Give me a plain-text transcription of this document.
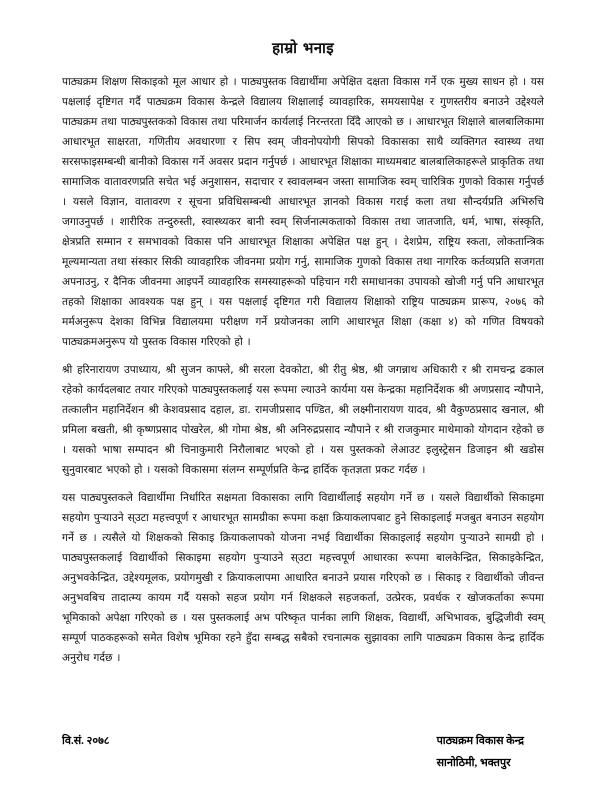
हाम्रो भनाइ

पाठ्यक्रम शिक्षण सिकाइको मूल आधार हो । पाठ्यपुस्तक विद्यार्थीमा अपेक्षित दक्षता विकास गर्ने एक मुख्य साधन हो । यस पक्षलाई दृष्टिगत गर्दै पाठ्यक्रम विकास केन्द्रले विद्यालय शिक्षालाई व्यावहारिक, समयसापेक्ष र गुणस्तरीय बनाउने उद्देश्यले पाठ्यक्रम तथा पाठ्यपुस्तकको विकास तथा परिमार्जन कार्यलाई निरन्तरता दिँदै आएको छ । आधारभूत शिक्षाले बालबालिकामा आधारभूत साक्षरता, गणितीय अवधारणा र सिप स्वम् जीवनोपयोगी सिपको विकासका साथै व्यक्तिगत स्वास्थ्य तथा सरसफाइसम्बन्धी बानीको विकास गर्ने अवसर प्रदान गर्नुपर्छ । आधारभूत शिक्षाका माध्यमबाट बालबालिकाहरूले प्राकृतिक तथा सामाजिक वातावरणप्रति सचेत भई अनुशासन, सदाचार र स्वावलम्बन जस्ता सामाजिक स्वम् चारित्रिक गुणको विकास गर्नुपर्छ । यसले विज्ञान, वातावरण र सूचना प्रविधिसम्बन्धी आधारभूत ज्ञानको विकास गराई कला तथा सौन्दर्यप्रति अभिरुचि जगाउनुपर्छ । शारीरिक तन्दुरुस्ती, स्वास्थ्यकर बानी स्वम् सिर्जनात्मकताको विकास तथा जातजाति, धर्म, भाषा, संस्कृति, क्षेत्रप्रति सम्मान र समभावको विकास पनि आधारभूत शिक्षाका अपेक्षित पक्ष हुन् । देशप्रेम, राष्ट्रिय स्कता, लोकतान्त्रिक मूल्यमान्यता तथा संस्कार सिकी व्यावहारिक जीवनमा प्रयोग गर्नु, सामाजिक गुणको विकास तथा नागरिक कर्तव्यप्रति सजगता अपनाउनु, र दैनिक जीवनमा आइपर्ने व्यावहारिक समस्याहरूको पहिचान गरी समाधानका उपायको खोजी गर्नु पनि आधारभूत तहको शिक्षाका आवश्यक पक्ष हुन् । यस पक्षलाई दृष्टिगत गरी विद्यालय शिक्षाको राष्ट्रिय पाठ्यक्रम प्रारूप, २०७६ को मर्मअनुरूप देशका विभिन्न विद्यालयमा परीक्षण गर्ने प्रयोजनका लागि आधारभूत शिक्षा (कक्षा ४) को गणित विषयको पाठ्यक्रमअनुरूप यो पुस्तक विकास गरिएको हो ।

श्री हरिनारायण उपाध्याय, श्री सुजन काफ्ले, श्री सरला देवकोटा, श्री रीतु श्रेष्ठ, श्री जगन्नाथ अधिकारी र श्री रामचन्द्र ढकाल रहेको कार्यदलबाट तयार गरिएको पाठ्यपुस्तकलाई यस रूपमा ल्याउने कार्यमा यस केन्द्रका महानिर्देशक श्री अणप्रसाद न्यौपाने, तत्कालीन महानिर्देशन श्री केशवप्रसाद दहाल, डा. रामजीप्रसाद पण्डित, श्री लक्ष्मीनारायण यादव, श्री वैकुण्ठप्रसाद खनाल, श्री प्रमिला बखती, श्री कृष्णप्रसाद पोखरेल, श्री गोमा श्रेष्ठ, श्री अनिरुद्रप्रसाद न्यौपाने र श्री राजकुमार माथेमाको योगदान रहेको छ । यसको भाषा सम्पादन श्री चिनाकुमारी निरौलाबाट भएको हो । यस पुस्तकको लेआउट इलुस्ट्रेसन डिजाइन श्री खडोस सुनुवारबाट भएको हो । यसको विकासमा संलग्न सम्पूर्णप्रति केन्द्र हार्दिक कृतज्ञता प्रकट गर्दछ ।

यस पाठ्यपुस्तकले विद्यार्थीमा निर्धारित सक्षमता विकासका लागि विद्यार्थीलाई सहयोग गर्ने छ । यसले विद्यार्थीको सिकाइमा सहयोग पुऱ्याउने स्उटा महत्त्वपूर्ण र आधारभूत सामग्रीका रूपमा कक्षा क्रियाकलापबाट हुने सिकाइलाई मजबुत बनाउन सहयोग गर्ने छ । त्यसैले यो शिक्षकको सिकाइ क्रियाकलापको योजना नभई विद्यार्थीका सिकाइलाई सहयोग पुऱ्याउने सामग्री हो । पाठ्यपुस्तकलाई विद्यार्थीको सिकाइमा सहयोग पुऱ्याउने स्उटा महत्त्वपूर्ण आधारका रूपमा बालकेन्द्रित, सिकाइकेन्द्रित, अनुभवकेन्द्रित, उद्देश्यमूलक, प्रयोगमुखी र क्रियाकलापमा आधारित बनाउने प्रयास गरिएको छ । सिकाइ र विद्यार्थीको जीवन्त अनुभवबिच तादात्म्य कायम गर्दै यसको सहज प्रयोग गर्न शिक्षकले सहजकर्ता, उत्प्रेरक, प्रवर्धक र खोजकर्ताका रूपमा भूमिकाको अपेक्षा गरिएको छ । यस पुस्तकलाई अभ परिष्कृत पार्नका लागि शिक्षक, विद्यार्थी, अभिभावक, बुद्धिजीवी स्वम् सम्पूर्ण पाठकहरूको समेत विशेष भूमिका रहने हुँदा सम्बद्ध सबैको रचनात्मक सुझावका लागि पाठ्यक्रम विकास केन्द्र हार्दिक अनुरोध गर्दछ ।

वि.सं. २०७८	पाठ्यक्रम विकास केन्द्र
सानोठिमी, भक्तपुर
